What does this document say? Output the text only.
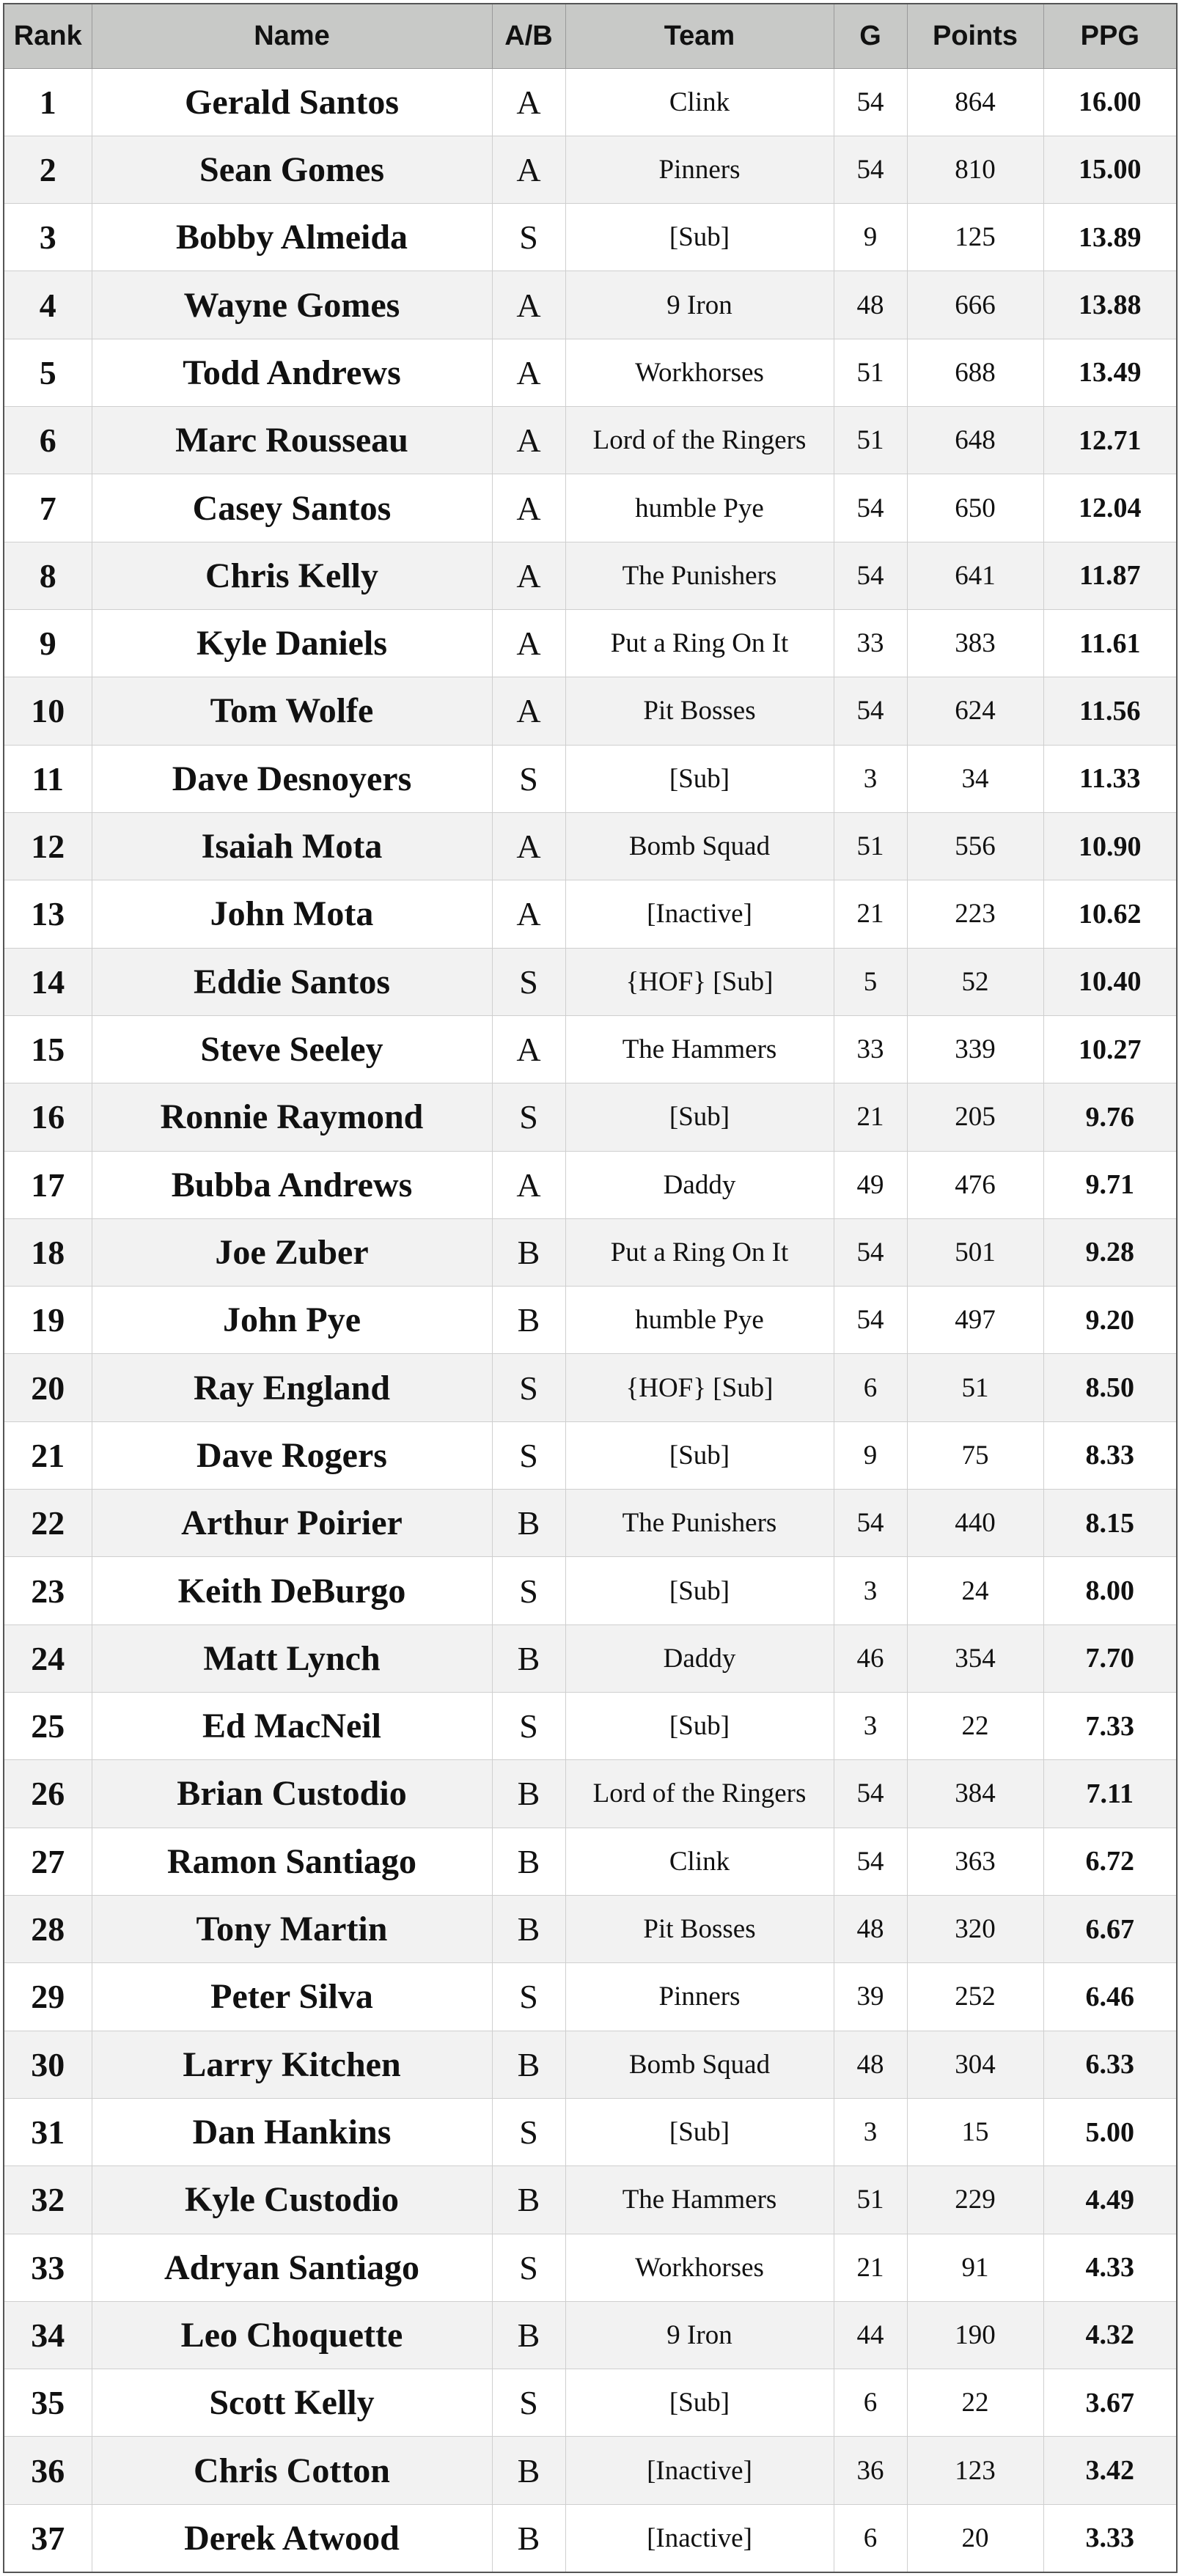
Rank	Name	A/B	Team	G	Points	PPG
1	Gerald Santos	A	Clink	54	864	16.00
2	Sean Gomes	A	Pinners	54	810	15.00
3	Bobby Almeida	S	[Sub]	9	125	13.89
4	Wayne Gomes	A	9 Iron	48	666	13.88
5	Todd Andrews	A	Workhorses	51	688	13.49
6	Marc Rousseau	A	Lord of the Ringers	51	648	12.71
7	Casey Santos	A	humble Pye	54	650	12.04
8	Chris Kelly	A	The Punishers	54	641	11.87
9	Kyle Daniels	A	Put a Ring On It	33	383	11.61
10	Tom Wolfe	A	Pit Bosses	54	624	11.56
11	Dave Desnoyers	S	[Sub]	3	34	11.33
12	Isaiah Mota	A	Bomb Squad	51	556	10.90
13	John Mota	A	[Inactive]	21	223	10.62
14	Eddie Santos	S	{HOF} [Sub]	5	52	10.40
15	Steve Seeley	A	The Hammers	33	339	10.27
16	Ronnie Raymond	S	[Sub]	21	205	9.76
17	Bubba Andrews	A	Daddy	49	476	9.71
18	Joe Zuber	B	Put a Ring On It	54	501	9.28
19	John Pye	B	humble Pye	54	497	9.20
20	Ray England	S	{HOF} [Sub]	6	51	8.50
21	Dave Rogers	S	[Sub]	9	75	8.33
22	Arthur Poirier	B	The Punishers	54	440	8.15
23	Keith DeBurgo	S	[Sub]	3	24	8.00
24	Matt Lynch	B	Daddy	46	354	7.70
25	Ed MacNeil	S	[Sub]	3	22	7.33
26	Brian Custodio	B	Lord of the Ringers	54	384	7.11
27	Ramon Santiago	B	Clink	54	363	6.72
28	Tony Martin	B	Pit Bosses	48	320	6.67
29	Peter Silva	S	Pinners	39	252	6.46
30	Larry Kitchen	B	Bomb Squad	48	304	6.33
31	Dan Hankins	S	[Sub]	3	15	5.00
32	Kyle Custodio	B	The Hammers	51	229	4.49
33	Adryan Santiago	S	Workhorses	21	91	4.33
34	Leo Choquette	B	9 Iron	44	190	4.32
35	Scott Kelly	S	[Sub]	6	22	3.67
36	Chris Cotton	B	[Inactive]	36	123	3.42
37	Derek Atwood	B	[Inactive]	6	20	3.33
